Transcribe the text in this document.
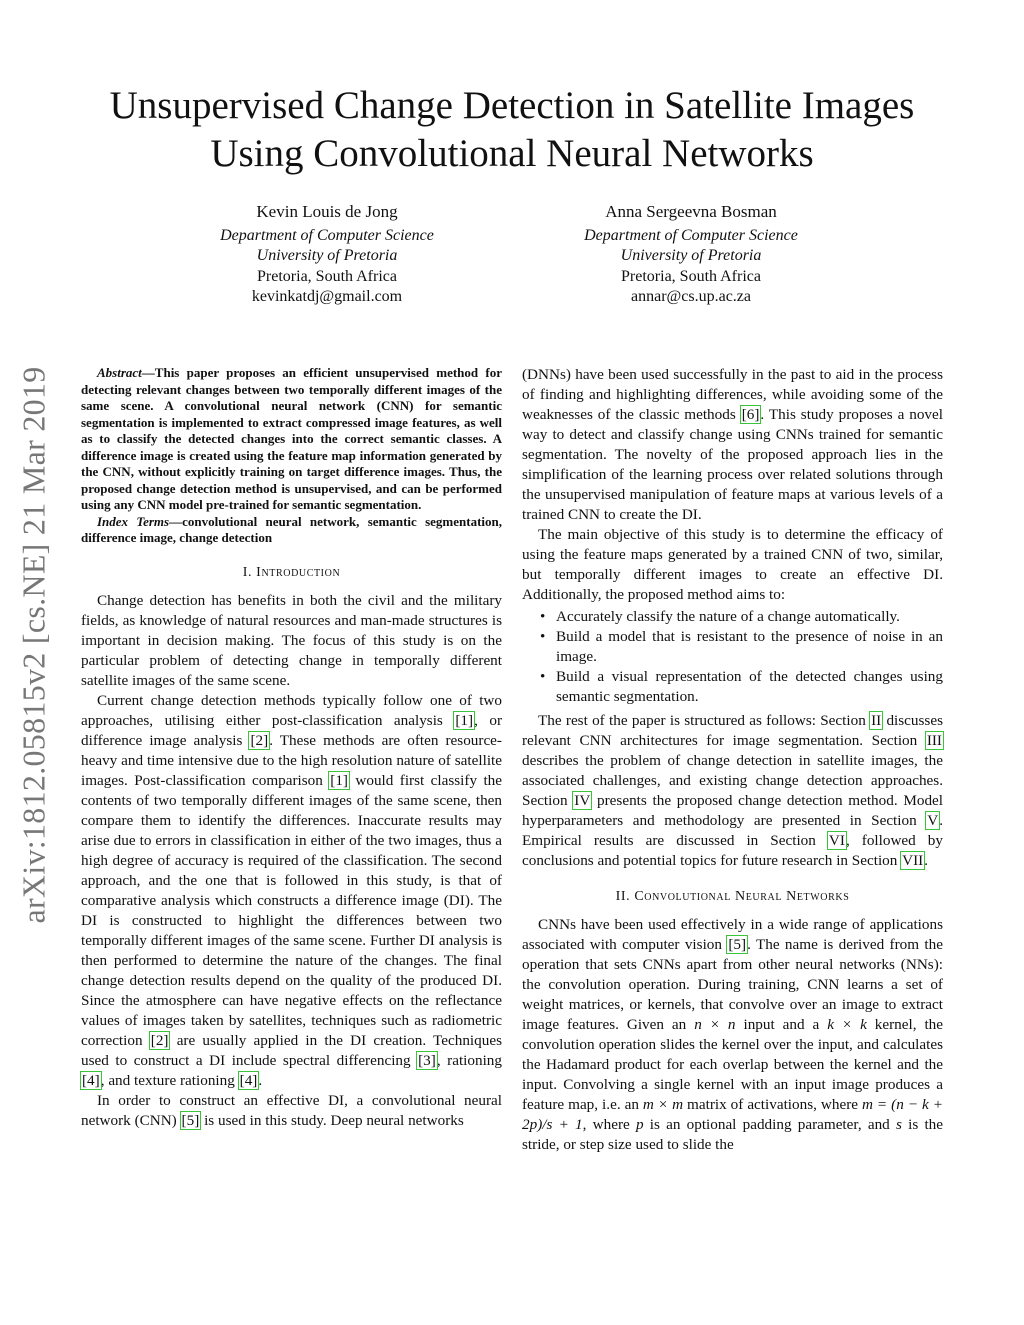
arXiv:1812.05815v2 [cs.NE] 21 Mar 2019
Unsupervised Change Detection in Satellite Images
Using Convolutional Neural Networks
Kevin Louis de Jong
Department of Computer Science
University of Pretoria
Pretoria, South Africa
kevinkatdj@gmail.com
Anna Sergeevna Bosman
Department of Computer Science
University of Pretoria
Pretoria, South Africa
annar@cs.up.ac.za

Abstract—This paper proposes an efficient unsupervised method for detecting relevant changes between two temporally different images of the same scene. A convolutional neural network (CNN) for semantic segmentation is implemented to extract compressed image features, as well as to classify the detected changes into the correct semantic classes. A difference image is created using the feature map information generated by the CNN, without explicitly training on target difference images. Thus, the proposed change detection method is unsupervised, and can be performed using any CNN model pre-trained for semantic segmentation.

Index Terms—convolutional neural network, semantic segmentation, difference image, change detection

I. Introduction

Change detection has benefits in both the civil and the military fields, as knowledge of natural resources and man-made structures is important in decision making. The focus of this study is on the particular problem of detecting change in temporally different satellite images of the same scene.

Current change detection methods typically follow one of two approaches, utilising either post-classification analysis [1], or difference image analysis [2]. These methods are often resource-heavy and time intensive due to the high resolution nature of satellite images. Post-classification comparison [1] would first classify the contents of two temporally different images of the same scene, then compare them to identify the differences. Inaccurate results may arise due to errors in classification in either of the two images, thus a high degree of accuracy is required of the classification. The second approach, and the one that is followed in this study, is that of comparative analysis which constructs a difference image (DI). The DI is constructed to highlight the differences between two temporally different images of the same scene. Further DI analysis is then performed to determine the nature of the changes. The final change detection results depend on the quality of the produced DI. Since the atmosphere can have negative effects on the reflectance values of images taken by satellites, techniques such as radiometric correction [2] are usually applied in the DI creation. Techniques used to construct a DI include spectral differencing [3], rationing [4], and texture rationing [4].

In order to construct an effective DI, a convolutional neural network (CNN) [5] is used in this study. Deep neural networks

(DNNs) have been used successfully in the past to aid in the process of finding and highlighting differences, while avoiding some of the weaknesses of the classic methods [6]. This study proposes a novel way to detect and classify change using CNNs trained for semantic segmentation. The novelty of the proposed approach lies in the simplification of the learning process over related solutions through the unsupervised manipulation of feature maps at various levels of a trained CNN to create the DI.

The main objective of this study is to determine the efficacy of using the feature maps generated by a trained CNN of two, similar, but temporally different images to create an effective DI. Additionally, the proposed method aims to:

• Accurately classify the nature of a change automatically.
• Build a model that is resistant to the presence of noise in an image.
• Build a visual representation of the detected changes using semantic segmentation.

The rest of the paper is structured as follows: Section II discusses relevant CNN architectures for image segmentation. Section III describes the problem of change detection in satellite images, the associated challenges, and existing change detection approaches. Section IV presents the proposed change detection method. Model hyperparameters and methodology are presented in Section V. Empirical results are discussed in Section VI, followed by conclusions and potential topics for future research in Section VII.

II. Convolutional Neural Networks

CNNs have been used effectively in a wide range of applications associated with computer vision [5]. The name is derived from the operation that sets CNNs apart from other neural networks (NNs): the convolution operation. During training, CNN learns a set of weight matrices, or kernels, that convolve over an image to extract image features. Given an n × n input and a k × k kernel, the convolution operation slides the kernel over the input, and calculates the Hadamard product for each overlap between the kernel and the input. Convolving a single kernel with an input image produces a feature map, i.e. an m × m matrix of activations, where m = (n − k + 2p)/s + 1, where p is an optional padding parameter, and s is the stride, or step size used to slide the
